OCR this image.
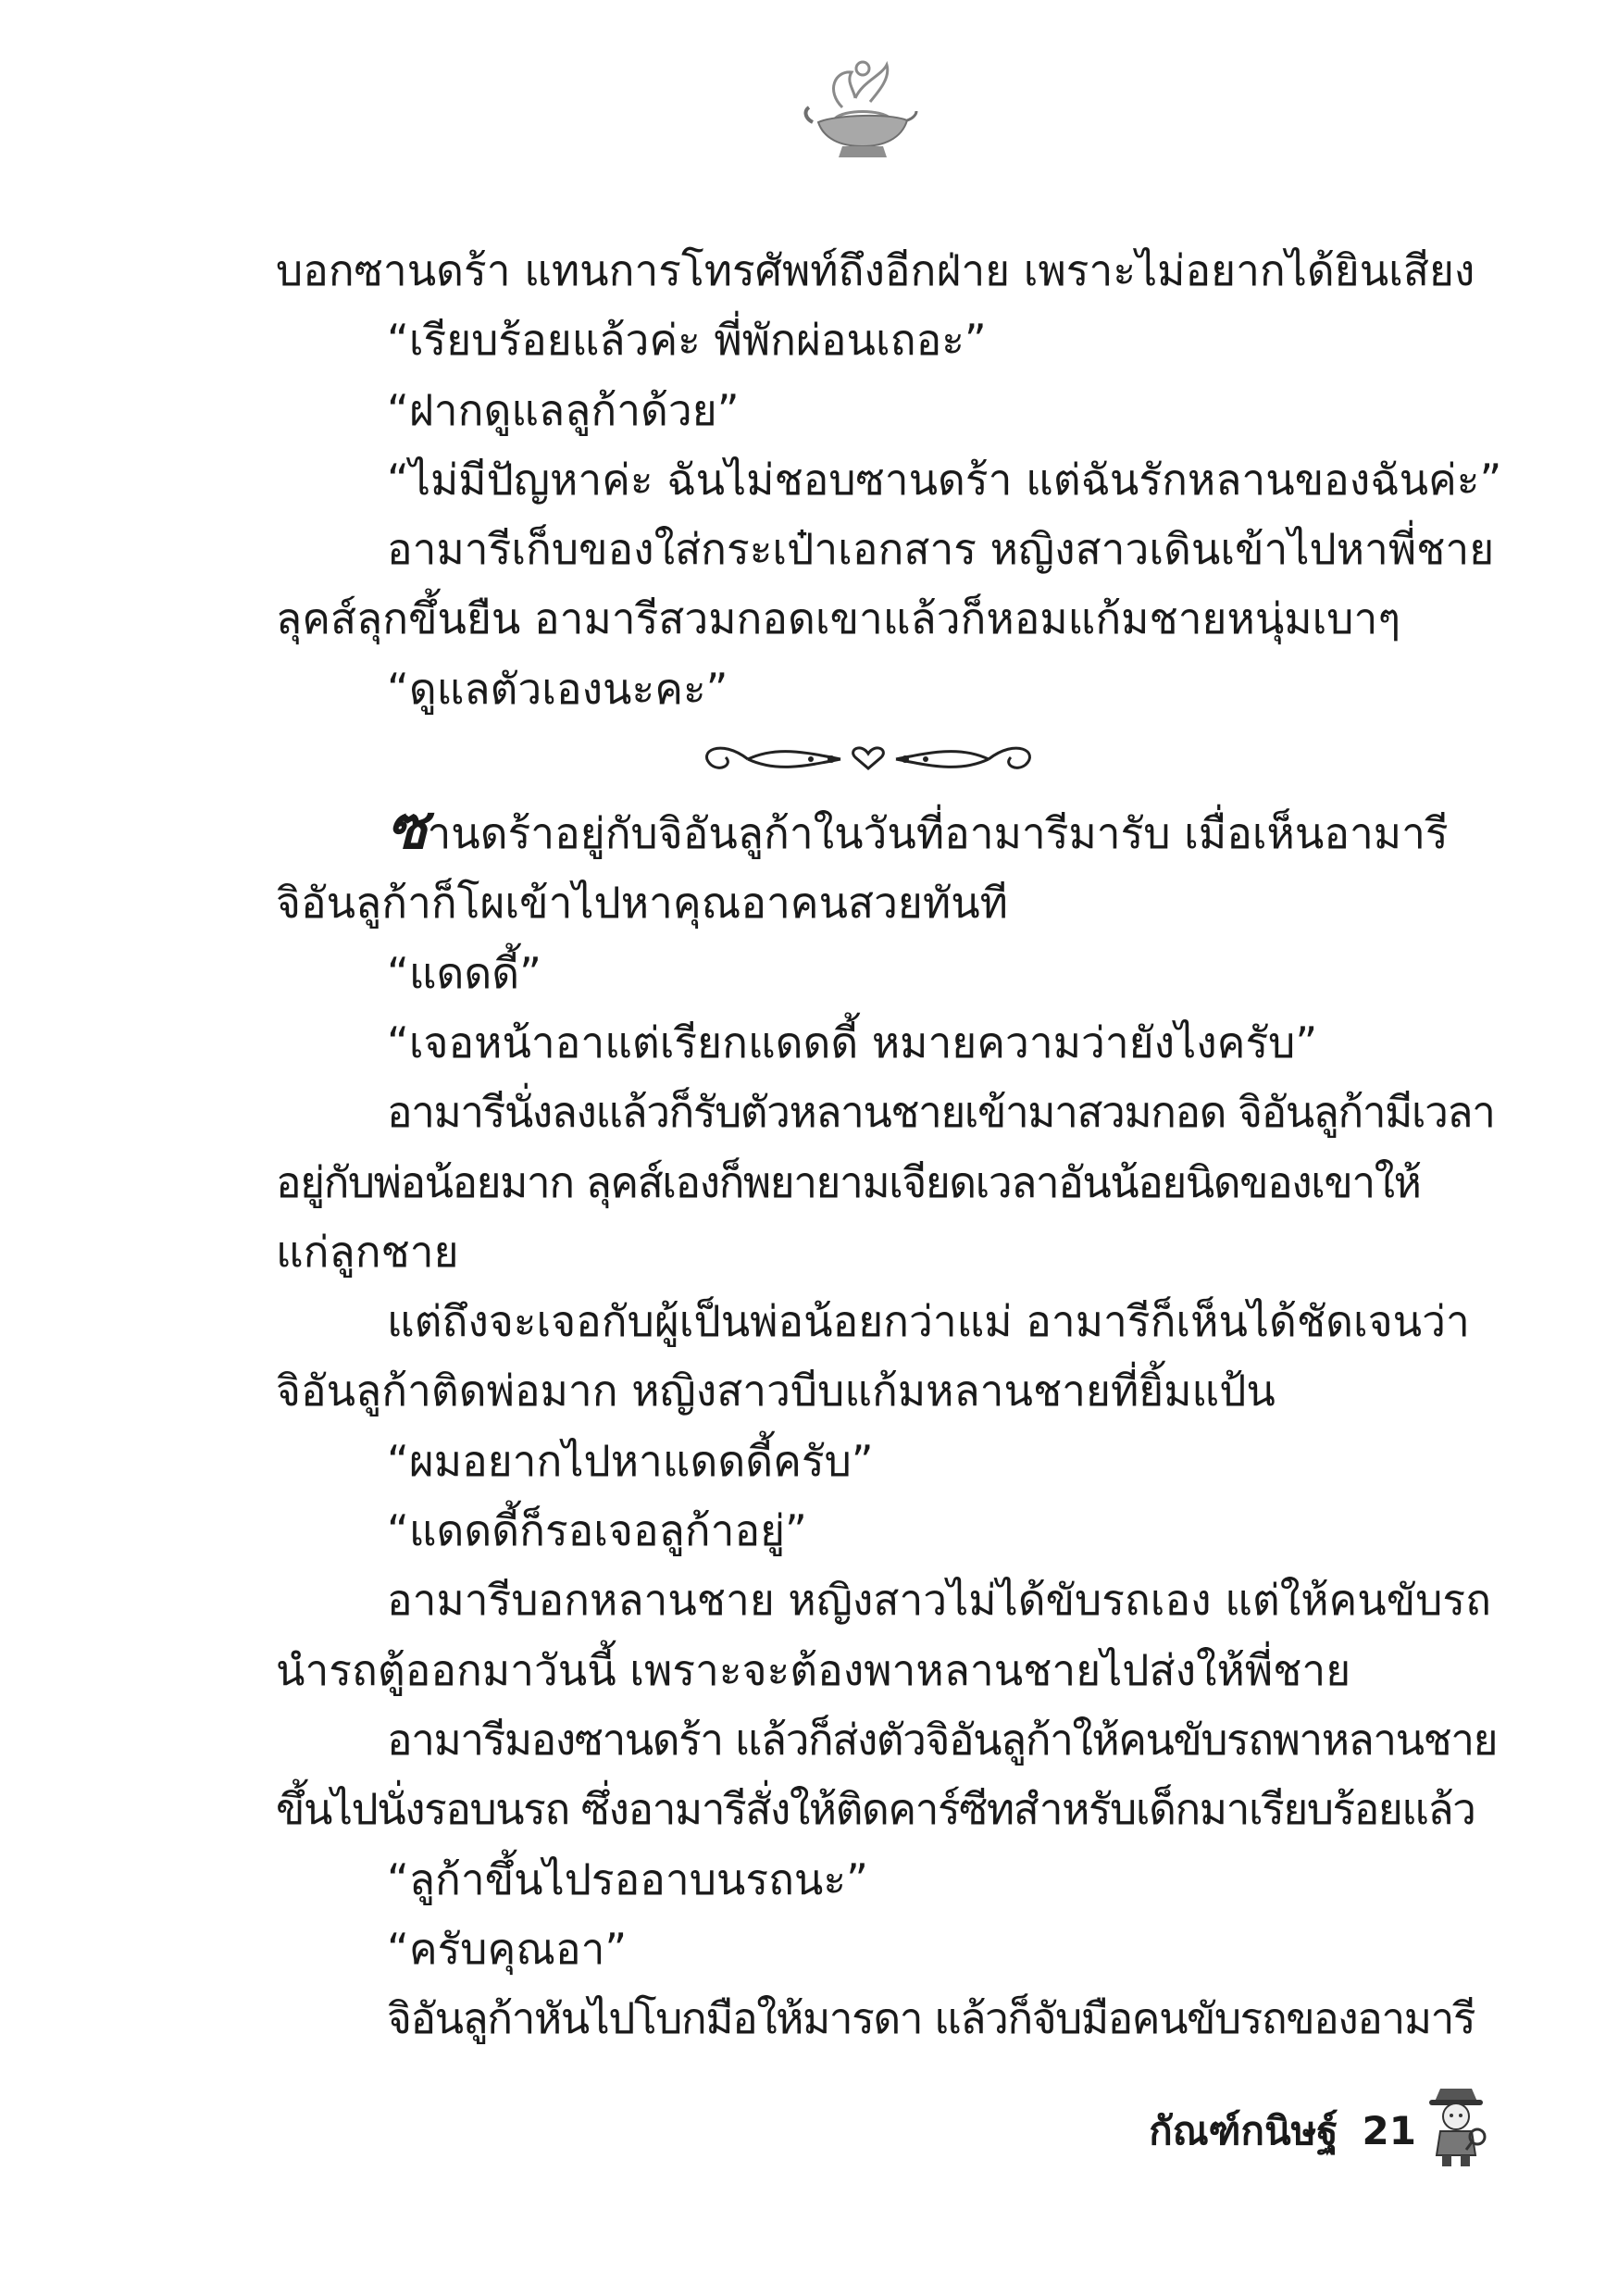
บอกซานดร้า แทนการโทรศัพท์ถึงอีกฝ่าย เพราะไม่อยากได้ยินเสียง

“เรียบร้อยแล้วค่ะ พี่พักผ่อนเถอะ”

“ฝากดูแลลูก้าด้วย”

“ไม่มีปัญหาค่ะ ฉันไม่ชอบซานดร้า แต่ฉันรักหลานของฉันค่ะ”

อามารีเก็บของใส่กระเป๋าเอกสาร หญิงสาวเดินเข้าไปหาพี่ชาย

ลุคส์ลุกขึ้นยืน อามารีสวมกอดเขาแล้วก็หอมแก้มชายหนุ่มเบาๆ

“ดูแลตัวเองนะคะ”

ซานดร้าอยู่กับจิอันลูก้าในวันที่อามารีมารับ เมื่อเห็นอามารี

จิอันลูก้าก็โผเข้าไปหาคุณอาคนสวยทันที

“แดดดี้”

“เจอหน้าอาแต่เรียกแดดดี้ หมายความว่ายังไงครับ”

อามารีนั่งลงแล้วก็รับตัวหลานชายเข้ามาสวมกอด จิอันลูก้ามีเวลา

อยู่กับพ่อน้อยมาก ลุคส์เองก็พยายามเจียดเวลาอันน้อยนิดของเขาให้

แก่ลูกชาย

แต่ถึงจะเจอกับผู้เป็นพ่อน้อยกว่าแม่ อามารีก็เห็นได้ชัดเจนว่า

จิอันลูก้าติดพ่อมาก หญิงสาวบีบแก้มหลานชายที่ยิ้มแป้น

“ผมอยากไปหาแดดดี้ครับ”

“แดดดี้ก็รอเจอลูก้าอยู่”

อามารีบอกหลานชาย หญิงสาวไม่ได้ขับรถเอง แต่ให้คนขับรถ

นำรถตู้ออกมาวันนี้ เพราะจะต้องพาหลานชายไปส่งให้พี่ชาย

อามารีมองซานดร้า แล้วก็ส่งตัวจิอันลูก้าให้คนขับรถพาหลานชาย

ขึ้นไปนั่งรอบนรถ ซึ่งอามารีสั่งให้ติดคาร์ซีทสำหรับเด็กมาเรียบร้อยแล้ว

“ลูก้าขึ้นไปรออาบนรถนะ”

“ครับคุณอา”

จิอันลูก้าหันไปโบกมือให้มารดา แล้วก็จับมือคนขับรถของอามารี

กัณฑ์กนิษฐ์ 21
